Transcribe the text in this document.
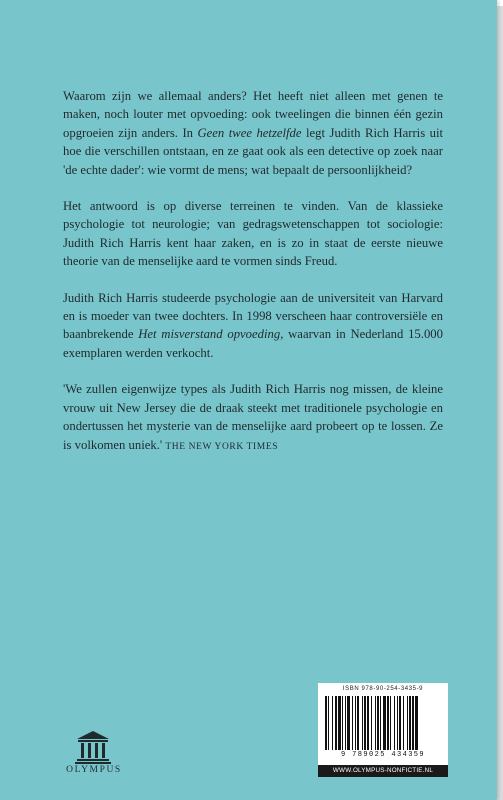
Waarom zijn we allemaal anders? Het heeft niet alleen met genen te maken, noch louter met opvoeding: ook tweelingen die binnen één gezin opgroeien zijn anders. In Geen twee hetzelfde legt Judith Rich Harris uit hoe die verschillen ontstaan, en ze gaat ook als een detective op zoek naar 'de echte dader': wie vormt de mens; wat bepaalt de persoonlijkheid?

Het antwoord is op diverse terreinen te vinden. Van de klassieke psychologie tot neurologie; van gedragswetenschappen tot sociologie: Judith Rich Harris kent haar zaken, en is zo in staat de eerste nieuwe theorie van de menselijke aard te vormen sinds Freud.

Judith Rich Harris studeerde psychologie aan de universiteit van Harvard en is moeder van twee dochters. In 1998 verscheen haar controversiële en baanbrekende Het misverstand opvoeding, waarvan in Nederland 15.000 exemplaren werden verkocht.

'We zullen eigenwijze types als Judith Rich Harris nog missen, de kleine vrouw uit New Jersey die de draak steekt met traditionele psychologie en ondertussen het mysterie van de menselijke aard probeert op te lossen. Ze is volkomen uniek.' THE NEW YORK TIMES

OLYMPUS
ISBN 978-90-254-3435-9
9 789025 434359
WWW.OLYMPUS-NONFICTIE.NL
